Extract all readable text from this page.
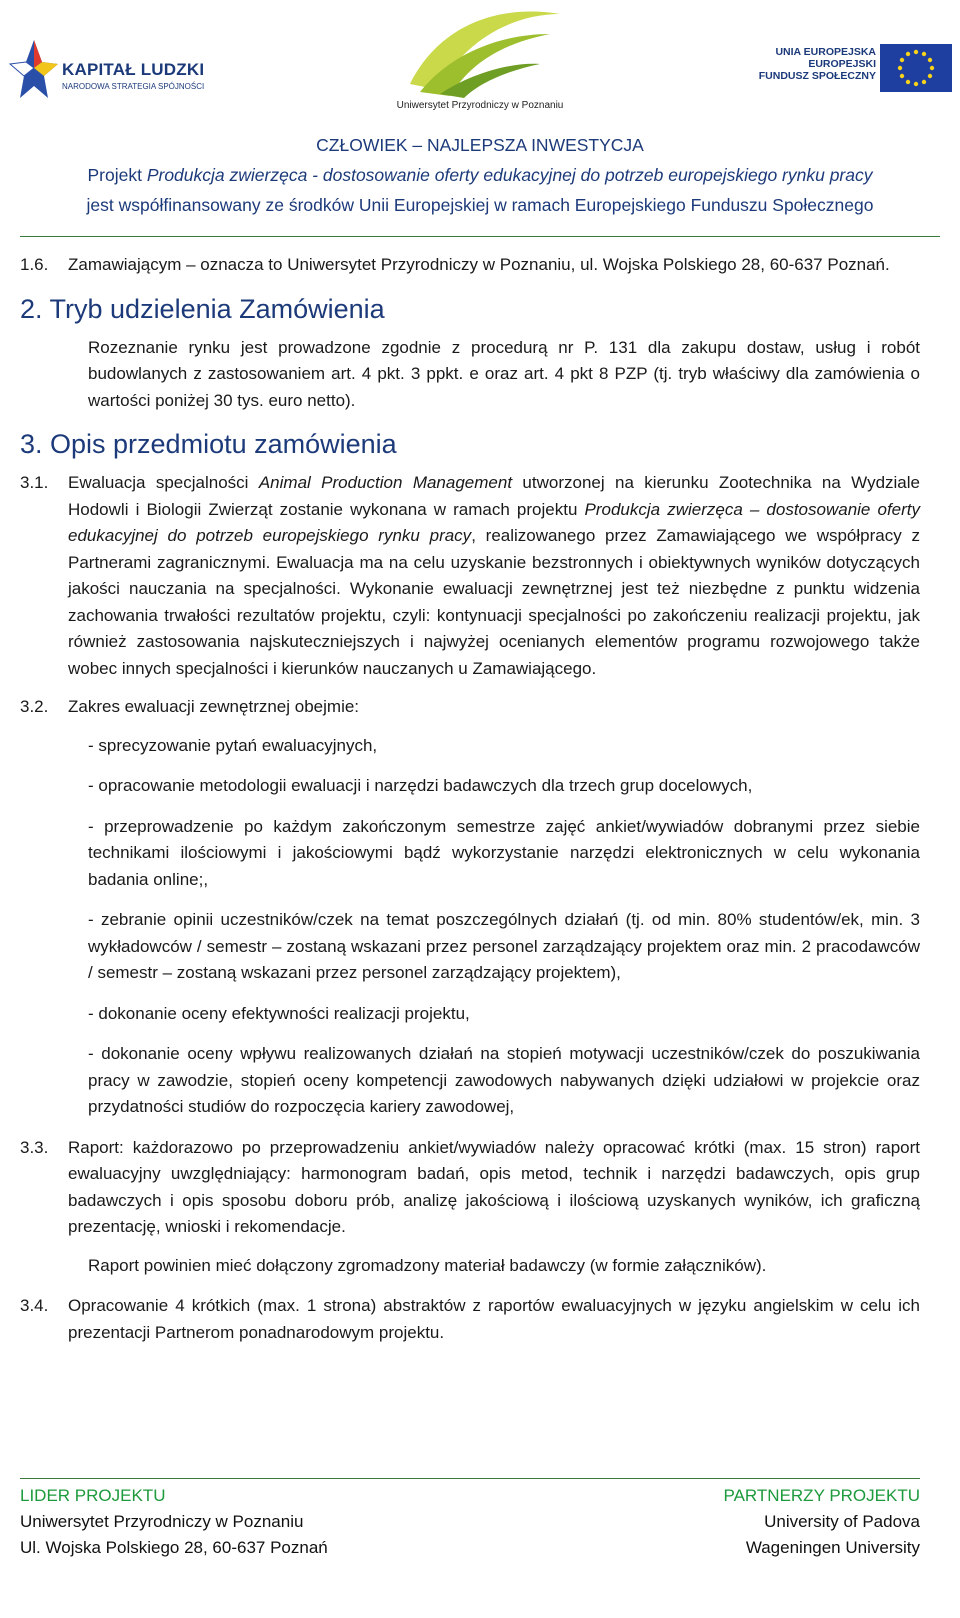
KAPITAŁ LUDZKI
NARODOWA STRATEGIA SPÓJNOŚCI
Uniwersytet Przyrodniczy w Poznaniu
UNIA EUROPEJSKA
EUROPEJSKI
FUNDUSZ SPOŁECZNY
CZŁOWIEK – NAJLEPSZA INWESTYCJA
Projekt Produkcja zwierzęca - dostosowanie oferty edukacyjnej do potrzeb europejskiego rynku pracy
jest współfinansowany ze środków Unii Europejskiej w ramach Europejskiego Funduszu Społecznego
1.6.	Zamawiającym – oznacza to Uniwersytet Przyrodniczy w Poznaniu, ul. Wojska Polskiego 28, 60-637 Poznań.
2. Tryb udzielenia Zamówienia
Rozeznanie rynku jest prowadzone zgodnie z procedurą nr P. 131 dla zakupu dostaw, usług i robót budowlanych z zastosowaniem art. 4 pkt. 3 ppkt. e oraz art. 4 pkt 8 PZP (tj. tryb właściwy dla zamówienia o wartości poniżej 30 tys. euro netto).
3. Opis przedmiotu zamówienia
3.1.	Ewaluacja specjalności Animal Production Management utworzonej na kierunku Zootechnika na Wydziale Hodowli i Biologii Zwierząt zostanie wykonana w ramach projektu Produkcja zwierzęca – dostosowanie oferty edukacyjnej do potrzeb europejskiego rynku pracy, realizowanego przez Zamawiającego we współpracy z Partnerami zagranicznymi. Ewaluacja ma na celu uzyskanie bezstronnych i obiektywnych wyników dotyczących jakości nauczania na specjalności. Wykonanie ewaluacji zewnętrznej jest też niezbędne z punktu widzenia zachowania trwałości rezultatów projektu, czyli: kontynuacji specjalności po zakończeniu realizacji projektu, jak również zastosowania najskuteczniejszych i najwyżej ocenianych elementów programu rozwojowego także wobec innych specjalności i kierunków nauczanych u Zamawiającego.
3.2.	Zakres ewaluacji zewnętrznej obejmie:
- sprecyzowanie pytań ewaluacyjnych,
- opracowanie metodologii ewaluacji i narzędzi badawczych dla trzech grup docelowych,
- przeprowadzenie po każdym zakończonym semestrze zajęć ankiet/wywiadów dobranymi przez siebie technikami ilościowymi i jakościowymi bądź wykorzystanie narzędzi elektronicznych w celu wykonania badania online;,
- zebranie opinii uczestników/czek na temat poszczególnych działań (tj. od min. 80% studentów/ek, min. 3 wykładowców / semestr – zostaną wskazani przez personel zarządzający projektem oraz min. 2 pracodawców / semestr – zostaną wskazani przez personel zarządzający projektem),
- dokonanie oceny efektywności realizacji projektu,
- dokonanie oceny wpływu realizowanych działań na stopień motywacji uczestników/czek do poszukiwania pracy w zawodzie, stopień oceny kompetencji zawodowych nabywanych dzięki udziałowi w projekcie oraz przydatności studiów do rozpoczęcia kariery zawodowej,
3.3.	Raport: każdorazowo po przeprowadzeniu ankiet/wywiadów należy opracować krótki (max. 15 stron) raport ewaluacyjny uwzględniający: harmonogram badań, opis metod, technik i narzędzi badawczych, opis grup badawczych i opis sposobu doboru prób, analizę jakościową i ilościową uzyskanych wyników, ich graficzną prezentację, wnioski i rekomendacje.
Raport powinien mieć dołączony zgromadzony materiał badawczy (w formie załączników).
3.4.	Opracowanie 4 krótkich (max. 1 strona) abstraktów z raportów ewaluacyjnych w języku angielskim w celu ich prezentacji Partnerom ponadnarodowym projektu.
LIDER PROJEKTU
Uniwersytet Przyrodniczy w Poznaniu
Ul. Wojska Polskiego 28, 60-637 Poznań
PARTNERZY PROJEKTU
University of Padova
Wageningen University
